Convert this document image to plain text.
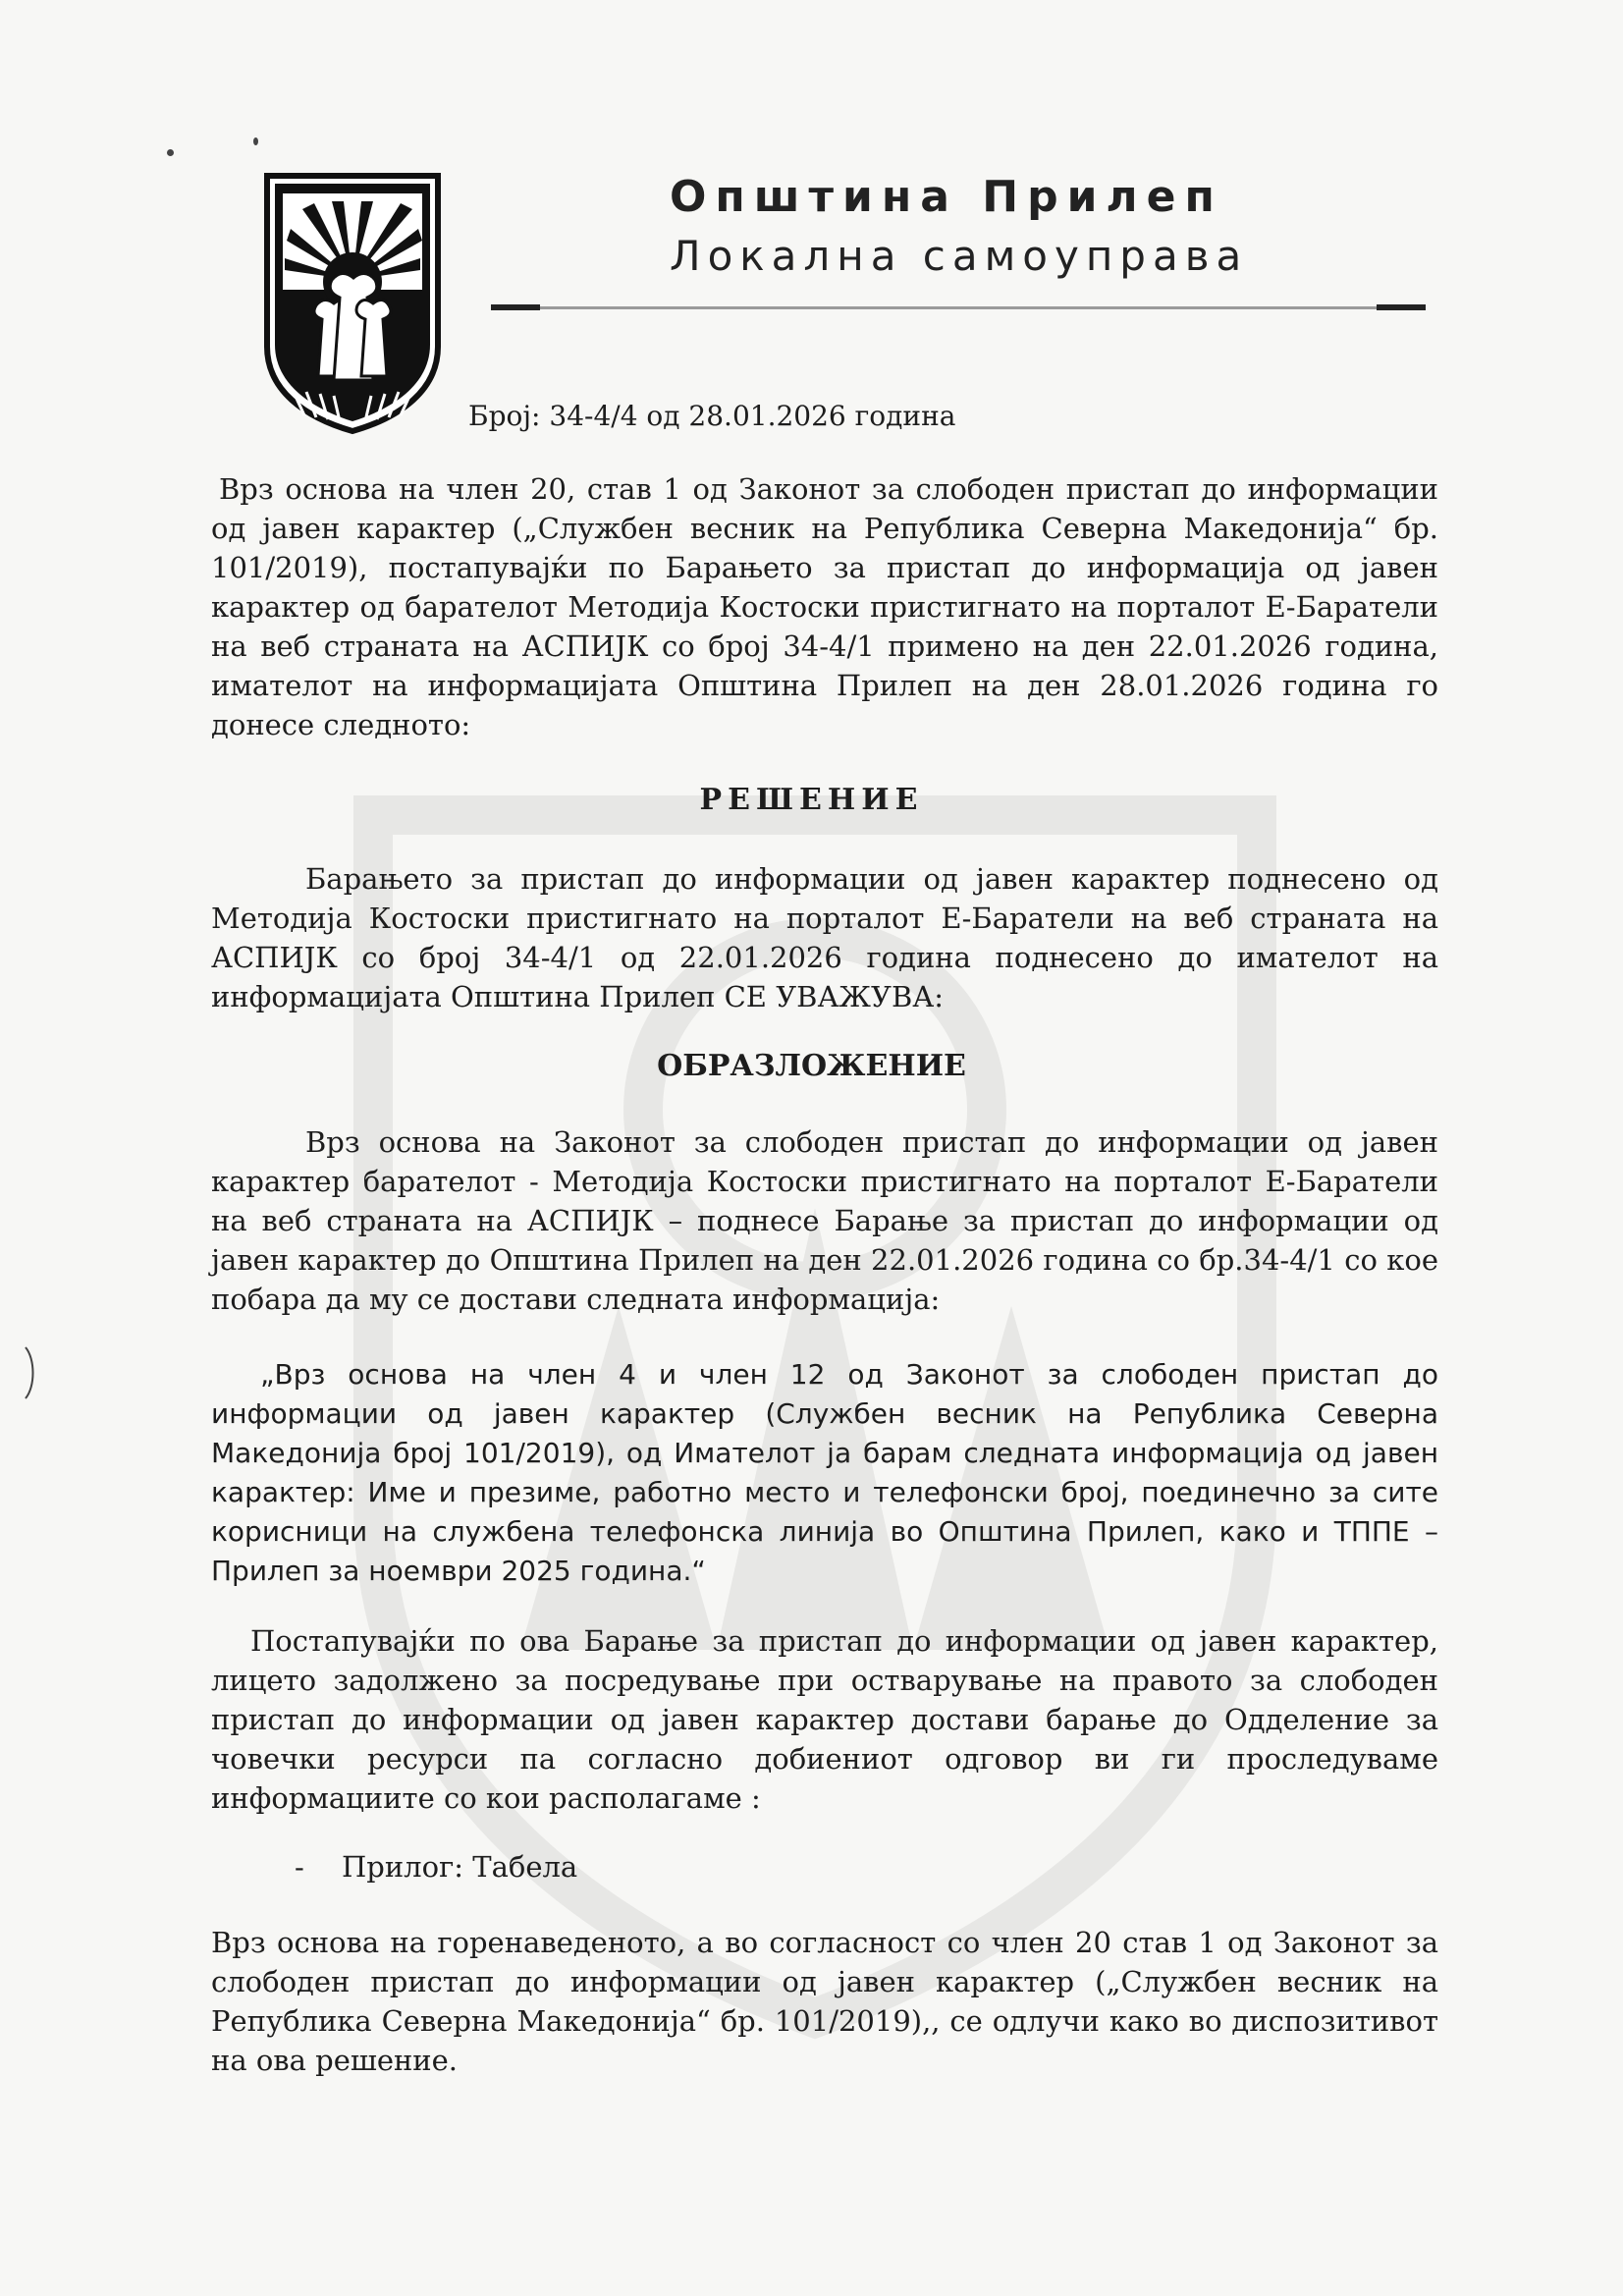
Општина Прилеп
Локална самоуправа
Број: 34-4/4 од 28.01.2026 година

Врз основа на член 20, став 1 од Законот за слободен пристап до информации од јавен карактер („Службен весник на Република Северна Македонија“ бр. 101/2019), постапувајќи по Барањето за пристап до информација од јавен карактер од барателот Методија Костоски пристигнато на порталот Е-Баратели на веб страната на АСПИЈК со број 34-4/1 примено на ден 22.01.2026 година, имателот на информацијата Општина Прилеп на ден 28.01.2026 година го донесе следното:

РЕШЕНИЕ

Барањето за пристап до информации од јавен карактер поднесено од Методија Костоски пристигнато на порталот Е-Баратели на веб страната на АСПИЈК со број 34-4/1 од 22.01.2026 година поднесено до имателот на информацијата Општина Прилеп СЕ УВАЖУВА:

ОБРАЗЛОЖЕНИЕ

Врз основа на Законот за слободен пристап до информации од јавен карактер барателот - Методија Костоски пристигнато на порталот Е-Баратели на веб страната на АСПИЈК – поднесе Барање за пристап до информации од јавен карактер до Општина Прилеп на ден 22.01.2026 година со бр.34-4/1 со кое побара да му се достави следната информација:

„Врз основа на член 4 и член 12 од Законот за слободен пристап до информации од јавен карактер (Службен весник на Република Северна Македонија број 101/2019), од Имателот ја барам следната информација од јавен карактер: Име и презиме, работно место и телефонски број, поединечно за сите корисници на службена телефонска линија во Општина Прилеп, како и ТППЕ – Прилеп за ноември 2025 година.“

Постапувајќи по ова Барање за пристап до информации од јавен карактер, лицето задолжено за посредување при остварување на правото за слободен пристап до информации од јавен карактер достави барање до Одделение за човечки ресурси па согласно добиениот одговор ви ги проследуваме информациите со кои располагаме :

- Прилог: Табела

Врз основа на горенаведеното, а во согласност со член 20 став 1 од Законот за слободен пристап до информации од јавен карактер („Службен весник на Република Северна Македонија“ бр. 101/2019),, се одлучи како во диспозитивот на ова решение.
